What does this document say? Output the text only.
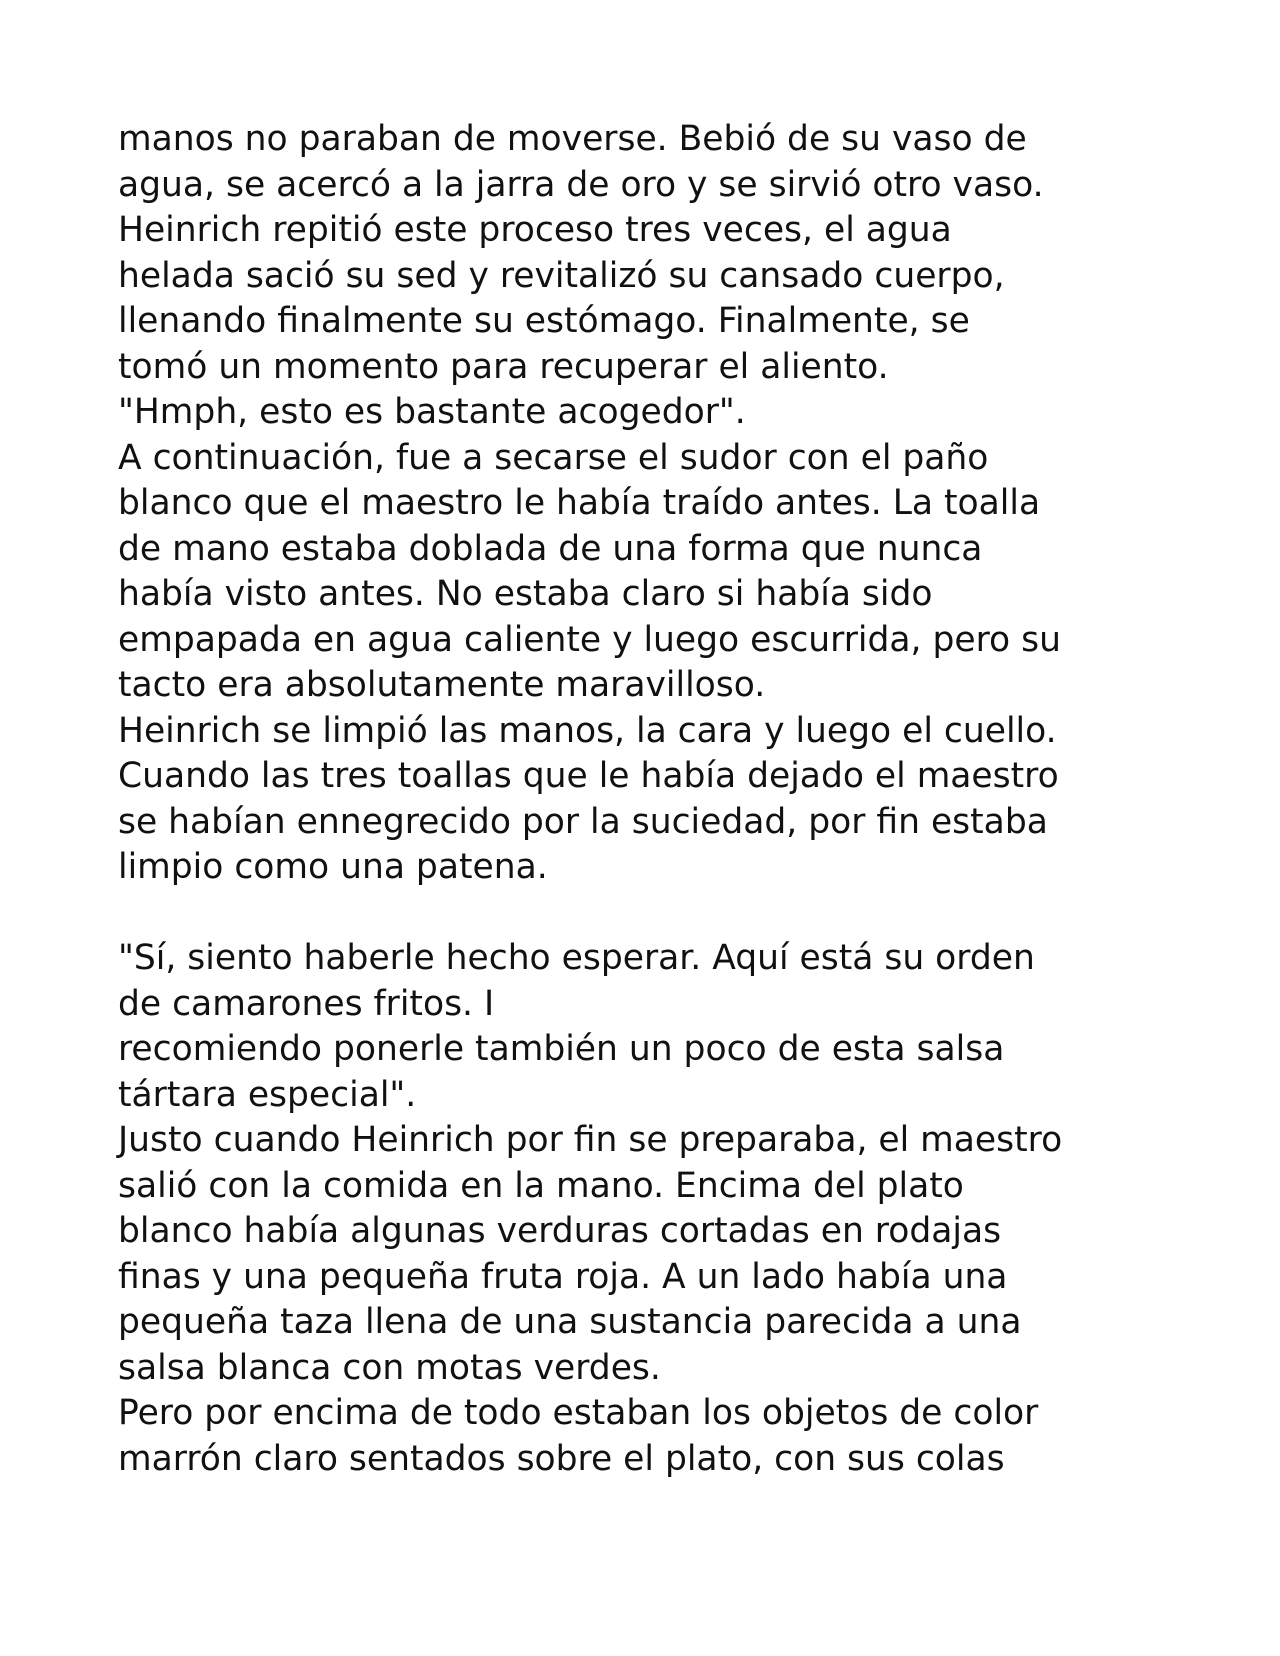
manos no paraban de moverse. Bebió de su vaso de
agua, se acercó a la jarra de oro y se sirvió otro vaso.
Heinrich repitió este proceso tres veces, el agua
helada sació su sed y revitalizó su cansado cuerpo,
llenando finalmente su estómago. Finalmente, se
tomó un momento para recuperar el aliento.
"Hmph, esto es bastante acogedor".
A continuación, fue a secarse el sudor con el paño
blanco que el maestro le había traído antes. La toalla
de mano estaba doblada de una forma que nunca
había visto antes. No estaba claro si había sido
empapada en agua caliente y luego escurrida, pero su
tacto era absolutamente maravilloso.
Heinrich se limpió las manos, la cara y luego el cuello.
Cuando las tres toallas que le había dejado el maestro
se habían ennegrecido por la suciedad, por fin estaba
limpio como una patena.
"Sí, siento haberle hecho esperar. Aquí está su orden
de camarones fritos. I
recomiendo ponerle también un poco de esta salsa
tártara especial".
Justo cuando Heinrich por fin se preparaba, el maestro
salió con la comida en la mano. Encima del plato
blanco había algunas verduras cortadas en rodajas
finas y una pequeña fruta roja. A un lado había una
pequeña taza llena de una sustancia parecida a una
salsa blanca con motas verdes.
Pero por encima de todo estaban los objetos de color
marrón claro sentados sobre el plato, con sus colas
